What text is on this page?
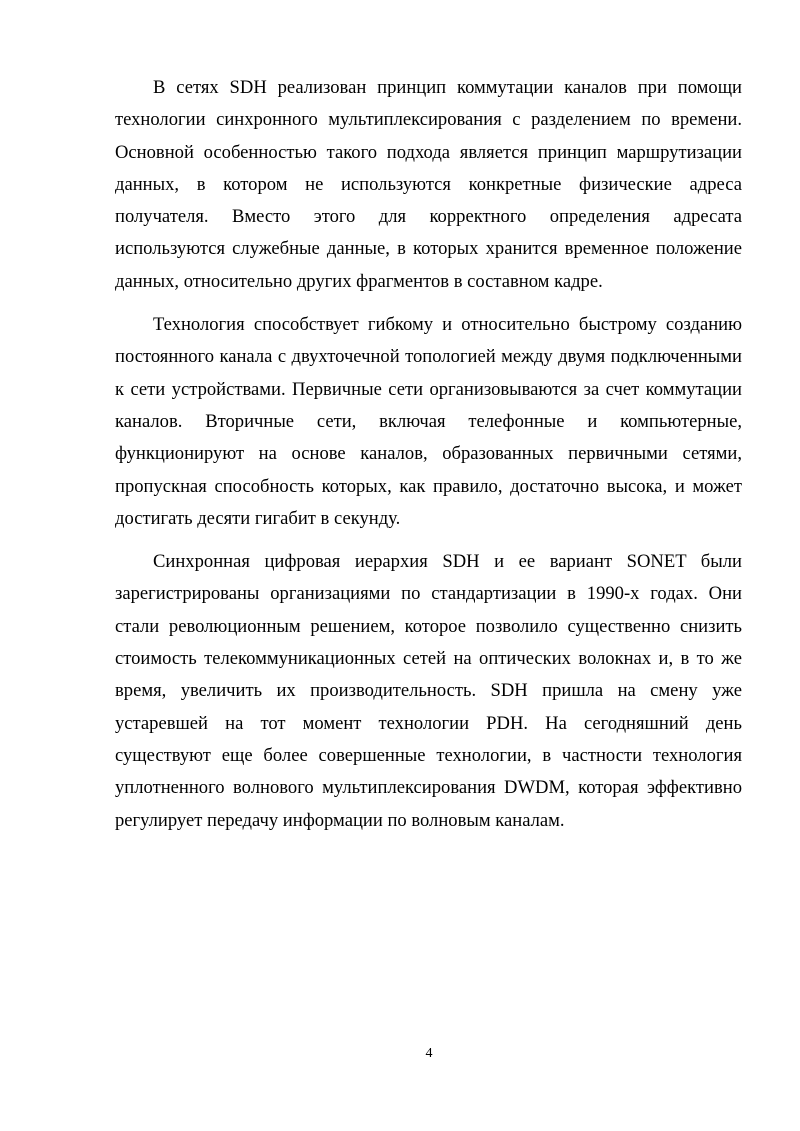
В сетях SDH реализован принцип коммутации каналов при помощи технологии синхронного мультиплексирования с разделением по времени. Основной особенностью такого подхода является принцип маршрутизации данных, в котором не используются конкретные физические адреса получателя. Вместо этого для корректного определения адресата используются служебные данные, в которых хранится временное положение данных, относительно других фрагментов в составном кадре.

Технология способствует гибкому и относительно быстрому созданию постоянного канала с двухточечной топологией между двумя подключенными к сети устройствами. Первичные сети организовываются за счет коммутации каналов. Вторичные сети, включая телефонные и компьютерные, функционируют на основе каналов, образованных первичными сетями, пропускная способность которых, как правило, достаточно высока, и может достигать десяти гигабит в секунду.

Синхронная цифровая иерархия SDH и ее вариант SONET были зарегистрированы организациями по стандартизации в 1990-х годах. Они стали революционным решением, которое позволило существенно снизить стоимость телекоммуникационных сетей на оптических волокнах и, в то же время, увеличить их производительность. SDH пришла на смену уже устаревшей на тот момент технологии PDH. На сегодняшний день существуют еще более совершенные технологии, в частности технология уплотненного волнового мультиплексирования DWDM, которая эффективно регулирует передачу информации по волновым каналам.

4
